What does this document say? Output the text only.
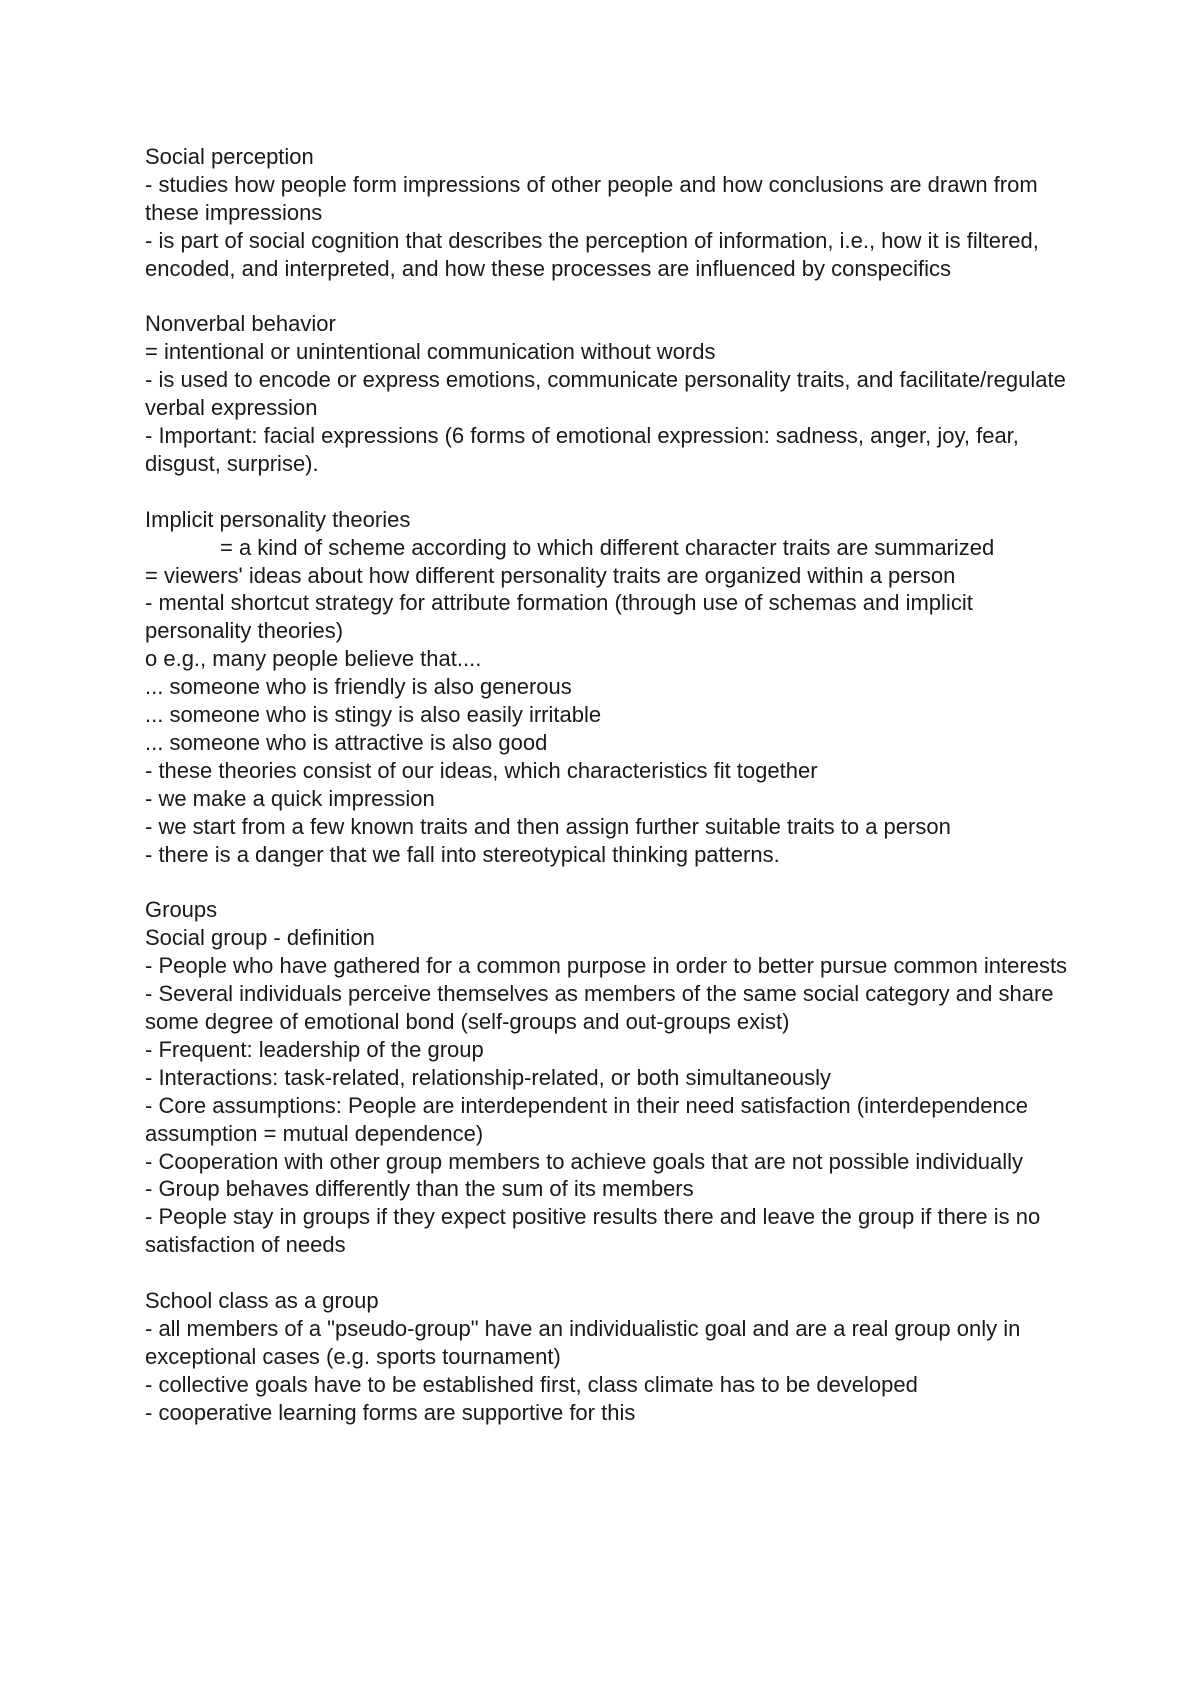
Social perception
- studies how people form impressions of other people and how conclusions are drawn from these impressions
- is part of social cognition that describes the perception of information, i.e., how it is filtered, encoded, and interpreted, and how these processes are influenced by conspecifics
Nonverbal behavior
= intentional or unintentional communication without words
- is used to encode or express emotions, communicate personality traits, and facilitate/regulate verbal expression
- Important: facial expressions (6 forms of emotional expression: sadness, anger, joy, fear, disgust, surprise).
Implicit personality theories
= a kind of scheme according to which different character traits are summarized
= viewers' ideas about how different personality traits are organized within a person
- mental shortcut strategy for attribute formation (through use of schemas and implicit personality theories)
o e.g., many people believe that....
... someone who is friendly is also generous
... someone who is stingy is also easily irritable
... someone who is attractive is also good
- these theories consist of our ideas, which characteristics fit together
- we make a quick impression
- we start from a few known traits and then assign further suitable traits to a person
- there is a danger that we fall into stereotypical thinking patterns.
Groups
Social group - definition
- People who have gathered for a common purpose in order to better pursue common interests
- Several individuals perceive themselves as members of the same social category and share some degree of emotional bond (self-groups and out-groups exist)
- Frequent: leadership of the group
- Interactions: task-related, relationship-related, or both simultaneously
- Core assumptions: People are interdependent in their need satisfaction (interdependence assumption = mutual dependence)
- Cooperation with other group members to achieve goals that are not possible individually
- Group behaves differently than the sum of its members
- People stay in groups if they expect positive results there and leave the group if there is no satisfaction of needs
School class as a group
- all members of a "pseudo-group" have an individualistic goal and are a real group only in exceptional cases (e.g. sports tournament)
- collective goals have to be established first, class climate has to be developed
- cooperative learning forms are supportive for this
